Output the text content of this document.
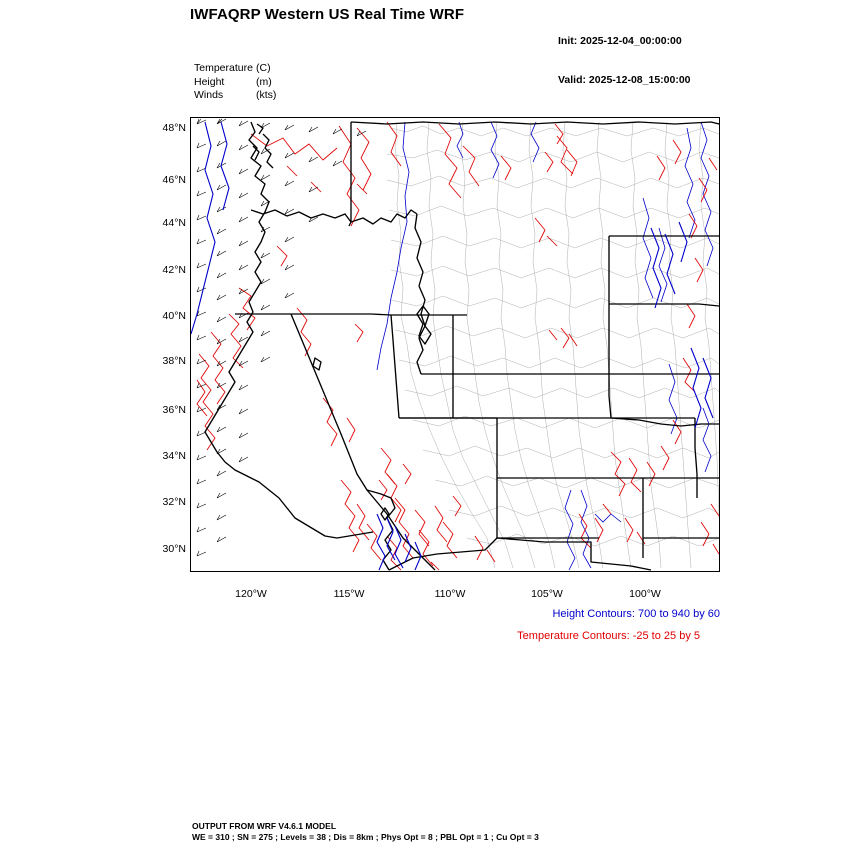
IWFAQRP Western US Real Time WRF

Init: 2025-12-04_00:00:00

Valid: 2025-12-08_15:00:00

Temperature (C)
Height	(m)
Winds	(kts)
48°N
46°N
44°N
42°N
40°N
38°N
36°N
34°N
32°N
30°N
120°W	115°W	110°W	105°W	100°W
Height Contours: 700 to 940 by 60
Temperature Contours: -25 to 25 by 5
OUTPUT FROM WRF V4.6.1 MODEL
WE = 310 ; SN = 275 ; Levels = 38 ; Dis = 8km ; Phys Opt = 8 ; PBL Opt = 1 ; Cu Opt = 3
